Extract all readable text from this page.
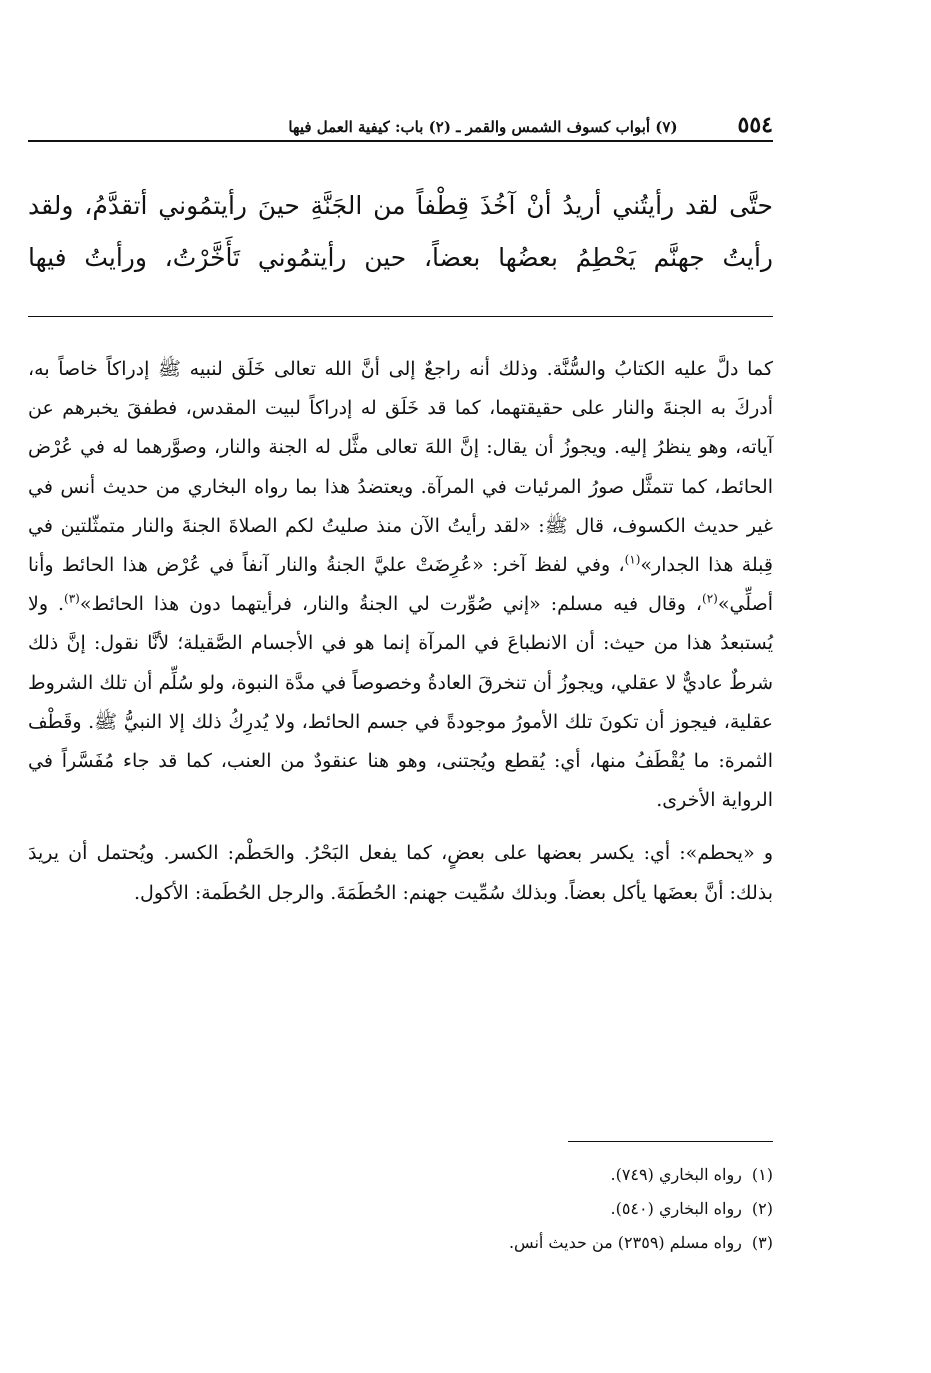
٥٥٤
(٧) أبواب كسوف الشمس والقمر ـ (٢) باب: كيفية العمل فيها

حتَّى لقد رأيتُني أريدُ أنْ آخُذَ قِطْفاً من الجَنَّةِ حينَ رأيتمُوني أتقدَّمُ، ولقد رأيتُ جهنَّم يَحْطِمُ بعضُها بعضاً، حين رأيتمُوني تَأَخَّرْتُ، ورأيتُ فيها

كما دلَّ عليه الكتابُ والسُّنَّة. وذلك أنه راجعٌ إلى أنَّ الله تعالى خَلَق لنبيه ﷺ إدراكاً خاصاً به، أدركَ به الجنةَ والنار على حقيقتهما، كما قد خَلَق له إدراكاً لبيت المقدس، فطفقَ يخبرهم عن آياته، وهو ينظرُ إليه. ويجوزُ أن يقال: إنَّ اللهَ تعالى مثَّل له الجنة والنار، وصوَّرهما له في عُرْض الحائط، كما تتمثَّل صورُ المرئيات في المرآة. ويعتضدُ هذا بما رواه البخاري من حديث أنس في غير حديث الكسوف، قال ﷺ: «لقد رأيتُ الآن منذ صليتُ لكم الصلاةَ الجنةَ والنار متمثّلتين في قِبلة هذا الجدار»$^{(١)}$، وفي لفظ آخر: «عُرِضَتْ عليَّ الجنةُ والنار آنفاً في عُرْض هذا الحائط وأنا أصلِّي»$^{(٢)}$، وقال فيه مسلم: «إني صُوِّرت لي الجنةُ والنار، فرأيتهما دون هذا الحائط»$^{(٣)}$. ولا يُستبعدُ هذا من حيث: أن الانطباعَ في المرآة إنما هو في الأجسام الصَّقيلة؛ لأنَّا نقول: إنَّ ذلك شرطٌ عاديٌّ لا عقلي، ويجوزُ أن تنخرقَ العادةُ وخصوصاً في مدَّة النبوة، ولو سُلِّم أن تلك الشروط عقلية، فيجوز أن تكونَ تلك الأمورُ موجودةً في جسم الحائط، ولا يُدرِكُ ذلك إلا النبيُّ ﷺ. وقَطْف الثمرة: ما يُقْطَفُ منها، أي: يُقطع ويُجتنى، وهو هنا عنقودٌ من العنب، كما قد جاء مُفَسَّراً في الرواية الأخرى.

و «يحطم»: أي: يكسر بعضها على بعضٍ، كما يفعل البَحْرُ. والحَطْم: الكسر. ويُحتمل أن يريدَ بذلك: أنَّ بعضَها يأكل بعضاً. وبذلك سُمِّيت جهنم: الحُطَمَةَ. والرجل الحُطَمة: الأكول.

(١)رواه البخاري (٧٤٩).
(٢)رواه البخاري (٥٤٠).
(٣)رواه مسلم (٢٣٥٩) من حديث أنس.
